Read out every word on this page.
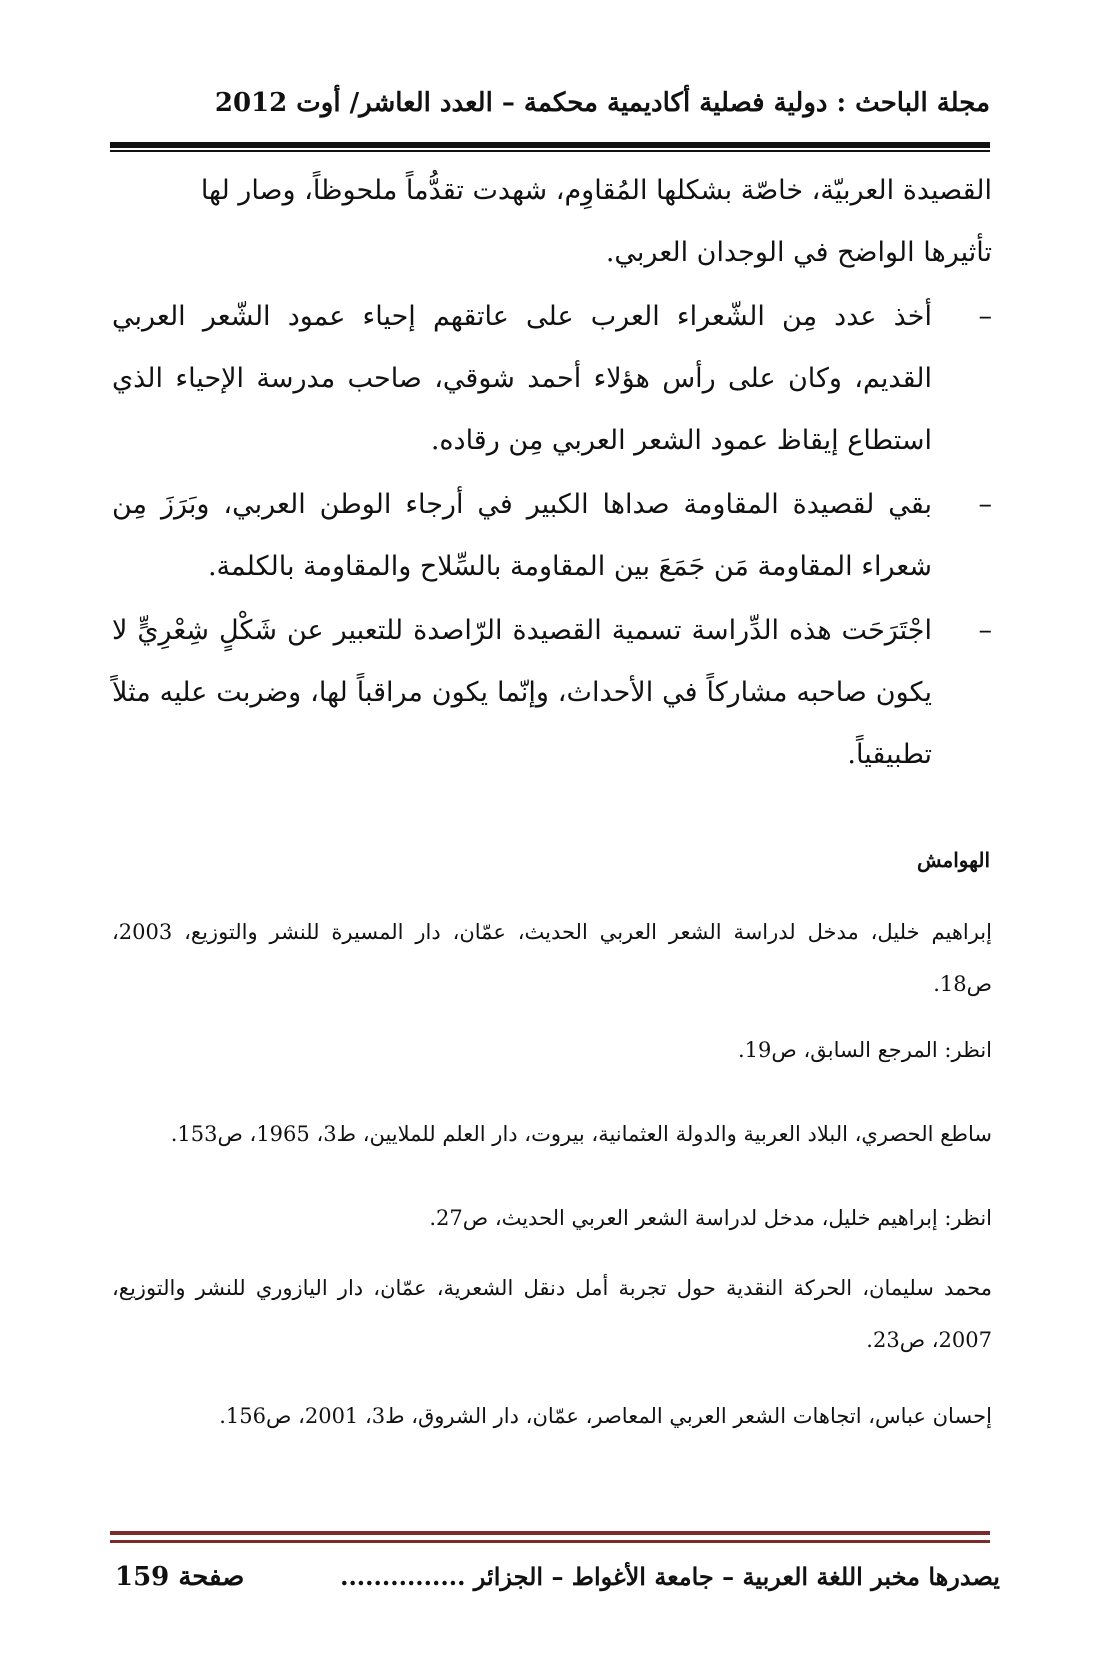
مجلة الباحث : دولية فصلية أكاديمية محكمة – العدد العاشر/ أوت 2012

القصيدة العربيّة، خاصّة بشكلها المُقاوِم، شهدت تقدُّماً ملحوظاً، وصار لها

تأثيرها الواضح في الوجدان العربي.

–
أخذ عدد مِن الشّعراء العرب على عاتقهم إحياء عمود الشّعر العربي القديم، وكان على رأس هؤلاء أحمد شوقي، صاحب مدرسة الإحياء الذي استطاع إيقاظ عمود الشعر العربي مِن رقاده.

–
بقي لقصيدة المقاومة صداها الكبير في أرجاء الوطن العربي، وبَرَزَ مِن شعراء المقاومة مَن جَمَعَ بين المقاومة بالسِّلاح والمقاومة بالكلمة.

–
اجْتَرَحَت هذه الدِّراسة تسمية القصيدة الرّاصدة للتعبير عن شَكْلٍ شِعْرِيٍّ لا يكون صاحبه مشاركاً في الأحداث، وإنّما يكون مراقباً لها، وضربت عليه مثلاً تطبيقياً.

الهوامش

إبراهيم خليل، مدخل لدراسة الشعر العربي الحديث، عمّان، دار المسيرة للنشر والتوزيع، 2003، ص18.

انظر: المرجع السابق، ص19.

ساطع الحصري، البلاد العربية والدولة العثمانية، بيروت، دار العلم للملايين، ط3، 1965، ص153.

انظر: إبراهيم خليل، مدخل لدراسة الشعر العربي الحديث، ص27.

محمد سليمان، الحركة النقدية حول تجربة أمل دنقل الشعرية، عمّان، دار اليازوري للنشر والتوزيع، 2007، ص23.

إحسان عباس، اتجاهات الشعر العربي المعاصر، عمّان، دار الشروق، ط3، 2001، ص156.

صفحة 159	يصدرها مخبر اللغة العربية – جامعة الأغواط – الجزائر ...............
